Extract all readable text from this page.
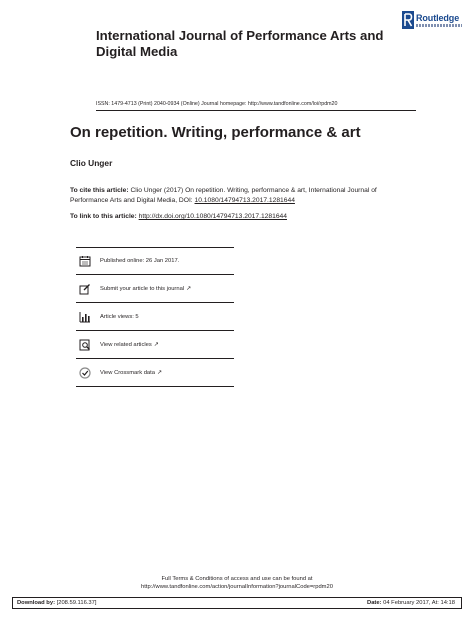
International Journal of Performance Arts and Digital Media
Routledge
ISSN: 1479-4713 (Print) 2040-0934 (Online) Journal homepage: http://www.tandfonline.com/loi/rpdm20
On repetition. Writing, performance & art
Clio Unger
To cite this article: Clio Unger (2017) On repetition. Writing, performance & art, International Journal of Performance Arts and Digital Media, DOI: 10.1080/14794713.2017.1281644
To link to this article: http://dx.doi.org/10.1080/14794713.2017.1281644
Published online: 26 Jan 2017.
Submit your article to this journal ↗
Article views: 5
View related articles ↗
View Crossmark data ↗
Full Terms & Conditions of access and use can be found at
http://www.tandfonline.com/action/journalInformation?journalCode=rpdm20
Download by: [208.59.116.37]	Date: 04 February 2017, At: 14:18
